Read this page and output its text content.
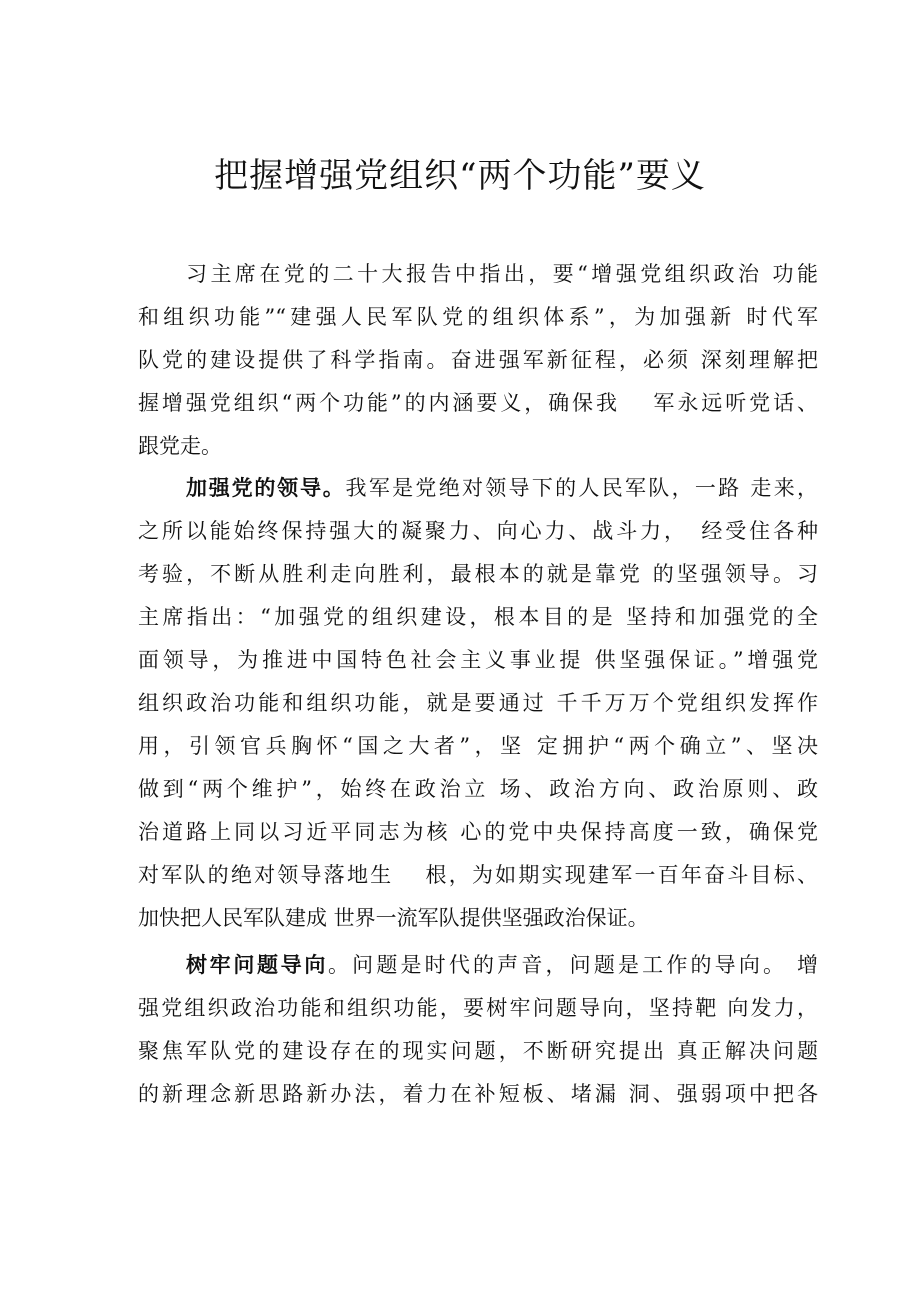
把握增强党组织“两个功能”要义

习主席在党的二十大报告中指出，要“增强党组织政治 功能
和组织功能”“建强人民军队党的组织体系”，为加强新 时代军
队党的建设提供了科学指南。奋进强军新征程，必须 深刻理解把
握增强党组织“两个功能”的内涵要义，确保我　 军永远听党话、
跟党走。

加强党的领导。我军是党绝对领导下的人民军队，一路 走来，
之所以能始终保持强大的凝聚力、向心力、战斗力，　经受住各种
考验，不断从胜利走向胜利，最根本的就是靠党 的坚强领导。习
主席指出：“加强党的组织建设，根本目的是 坚持和加强党的全
面领导，为推进中国特色社会主义事业提 供坚强保证。”增强党
组织政治功能和组织功能，就是要通过 千千万万个党组织发挥作
用，引领官兵胸怀“国之大者”，坚 定拥护“两个确立”、坚决
做到“两个维护”，始终在政治立 场、政治方向、政治原则、政
治道路上同以习近平同志为核 心的党中央保持高度一致，确保党
对军队的绝对领导落地生　 根，为如期实现建军一百年奋斗目标、
加快把人民军队建成 世界一流军队提供坚强政治保证。

树牢问题导向。问题是时代的声音，问题是工作的导向。 增
强党组织政治功能和组织功能，要树牢问题导向，坚持靶 向发力，
聚焦军队党的建设存在的现实问题，不断研究提出 真正解决问题
的新理念新思路新办法，着力在补短板、堵漏 洞、强弱项中把各
